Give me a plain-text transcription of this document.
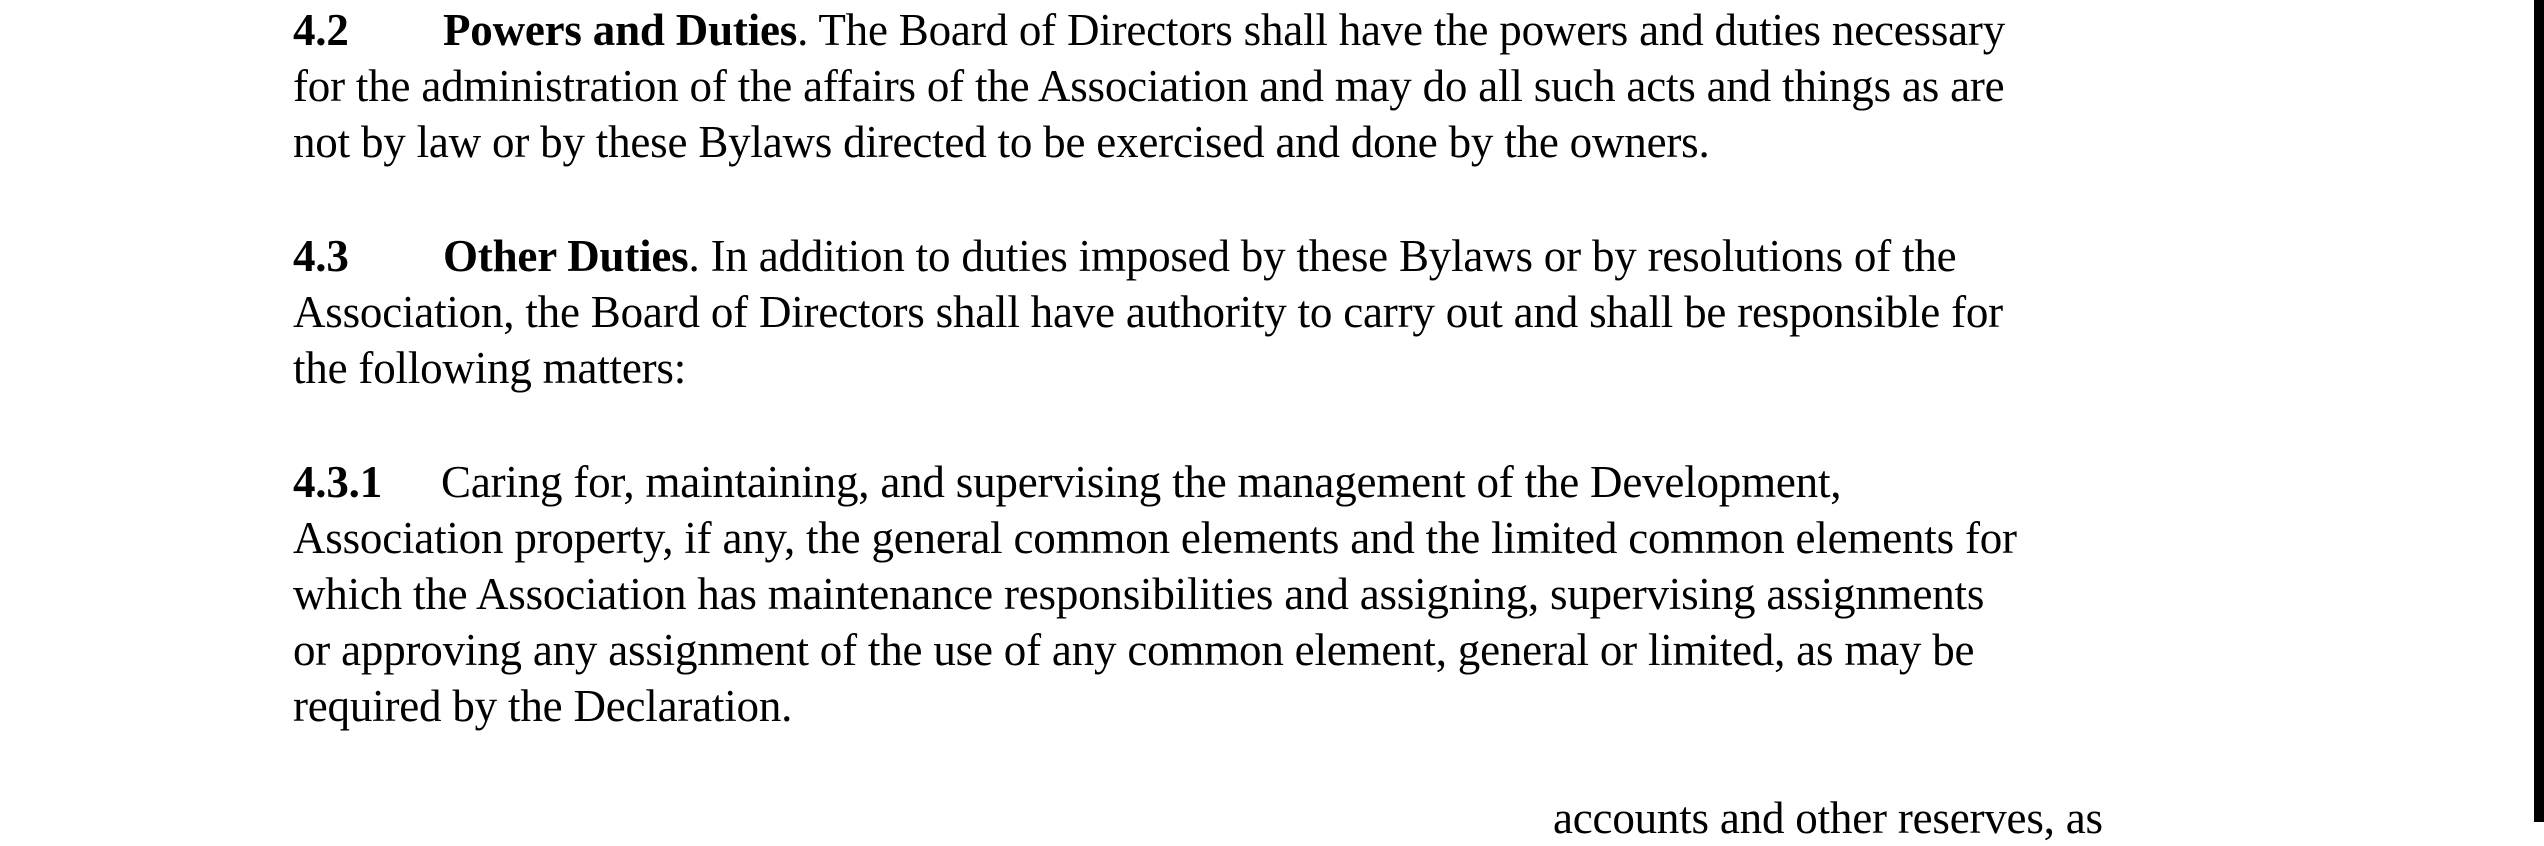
4.2 Powers and Duties. The Board of Directors shall have the powers and duties necessary
for the administration of the affairs of the Association and may do all such acts and things as are
not by law or by these Bylaws directed to be exercised and done by the owners.
4.3 Other Duties. In addition to duties imposed by these Bylaws or by resolutions of the
Association, the Board of Directors shall have authority to carry out and shall be responsible for
the following matters:
4.3.1 Caring for, maintaining, and supervising the management of the Development,
Association property, if any, the general common elements and the limited common elements for
which the Association has maintenance responsibilities and assigning, supervising assignments
or approving any assignment of the use of any common element, general or limited, as may be
required by the Declaration.
accounts and other reserves, as
